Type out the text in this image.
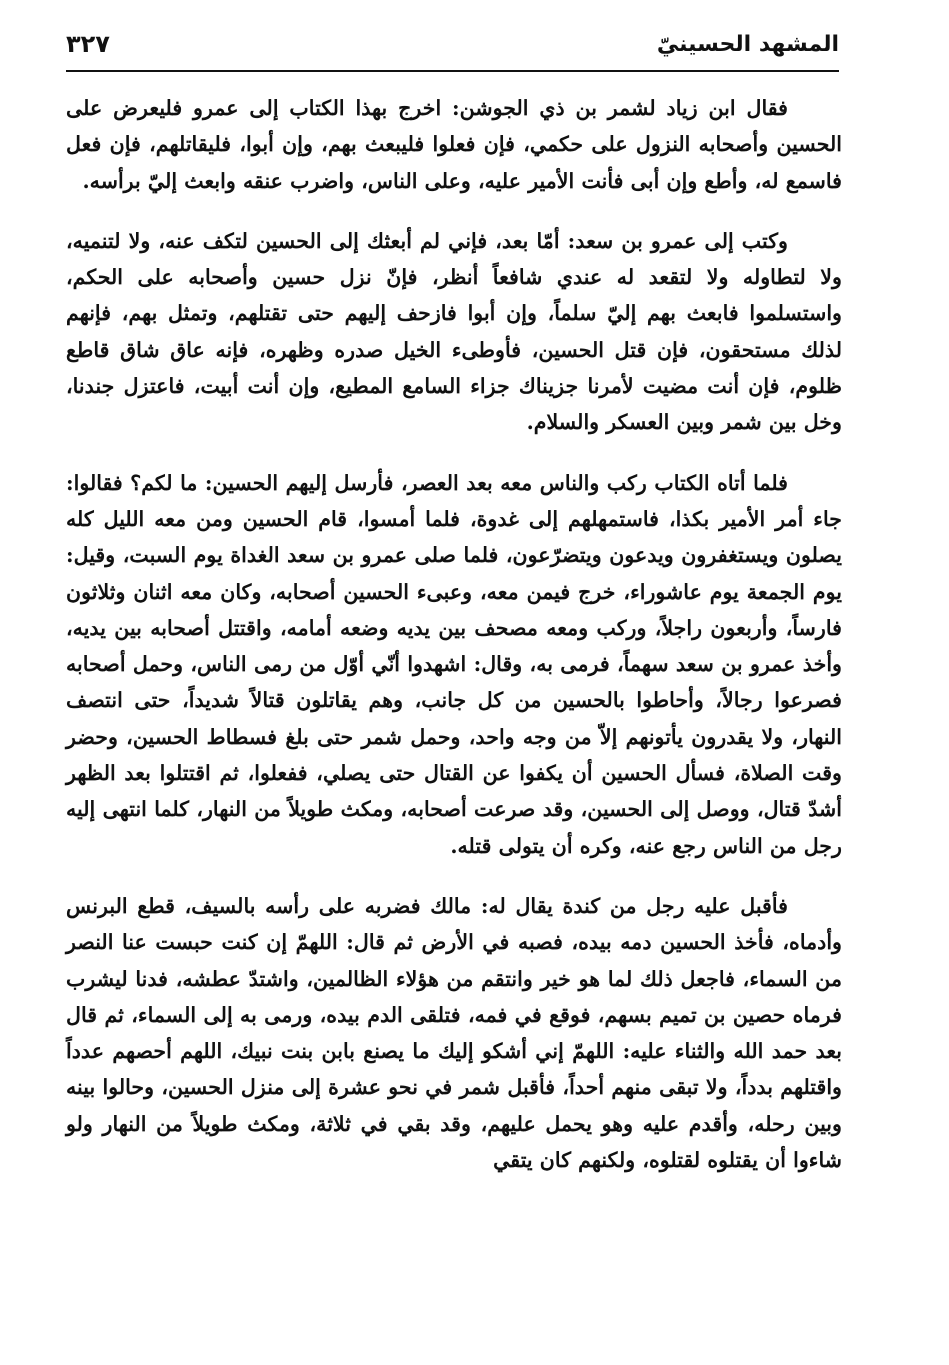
المشهد الحسينيّ
٣٢٧

فقال ابن زياد لشمر بن ذي الجوشن: اخرج بهذا الكتاب إلى عمرو فليعرض على الحسين وأصحابه النزول على حكمي، فإن فعلوا فليبعث بهم، وإن أبوا، فليقاتلهم، فإن فعل فاسمع له، وأطع وإن أبى فأنت الأمير عليه، وعلى الناس، واضرب عنقه وابعث إليّ برأسه.

وكتب إلى عمرو بن سعد: أمّا بعد، فإني لم أبعثك إلى الحسين لتكف عنه، ولا لتنميه، ولا لتطاوله ولا لتقعد له عندي شافعاً أنظر، فإنّ نزل حسين وأصحابه على الحكم، واستسلموا فابعث بهم إليّ سلماً، وإن أبوا فازحف إليهم حتى تقتلهم، وتمثل بهم، فإنهم لذلك مستحقون، فإن قتل الحسين، فأوطىء الخيل صدره وظهره، فإنه عاق شاق قاطع ظلوم، فإن أنت مضيت لأمرنا جزيناك جزاء السامع المطيع، وإن أنت أبيت، فاعتزل جندنا، وخل بين شمر وبين العسكر والسلام.

فلما أتاه الكتاب ركب والناس معه بعد العصر، فأرسل إليهم الحسين: ما لكم؟ فقالوا: جاء أمر الأمير بكذا، فاستمهلهم إلى غدوة، فلما أمسوا، قام الحسين ومن معه الليل كله يصلون ويستغفرون ويدعون ويتضرّعون، فلما صلى عمرو بن سعد الغداة يوم السبت، وقيل: يوم الجمعة يوم عاشوراء، خرج فيمن معه، وعبىء الحسين أصحابه، وكان معه اثنان وثلاثون فارساً، وأربعون راجلاً، وركب ومعه مصحف بين يديه وضعه أمامه، واقتتل أصحابه بين يديه، وأخذ عمرو بن سعد سهماً، فرمى به، وقال: اشهدوا أنّي أوّل من رمى الناس، وحمل أصحابه فصرعوا رجالاً، وأحاطوا بالحسين من كل جانب، وهم يقاتلون قتالاً شديداً، حتى انتصف النهار، ولا يقدرون يأتونهم إلاّ من وجه واحد، وحمل شمر حتى بلغ فسطاط الحسين، وحضر وقت الصلاة، فسأل الحسين أن يكفوا عن القتال حتى يصلي، ففعلوا، ثم اقتتلوا بعد الظهر أشدّ قتال، ووصل إلى الحسين، وقد صرعت أصحابه، ومكث طويلاً من النهار، كلما انتهى إليه رجل من الناس رجع عنه، وكره أن يتولى قتله.

فأقبل عليه رجل من كندة يقال له: مالك فضربه على رأسه بالسيف، قطع البرنس وأدماه، فأخذ الحسين دمه بيده، فصبه في الأرض ثم قال: اللهمّ إن كنت حبست عنا النصر من السماء، فاجعل ذلك لما هو خير وانتقم من هؤلاء الظالمين، واشتدّ عطشه، فدنا ليشرب فرماه حصين بن تميم بسهم، فوقع في فمه، فتلقى الدم بيده، ورمى به إلى السماء، ثم قال بعد حمد الله والثناء عليه: اللهمّ إني أشكو إليك ما يصنع بابن بنت نبيك، اللهم أحصهم عدداً واقتلهم بدداً، ولا تبقى منهم أحداً، فأقبل شمر في نحو عشرة إلى منزل الحسين، وحالوا بينه وبين رحله، وأقدم عليه وهو يحمل عليهم، وقد بقي في ثلاثة، ومكث طويلاً من النهار ولو شاءوا أن يقتلوه لقتلوه، ولكنهم كان يتقي
